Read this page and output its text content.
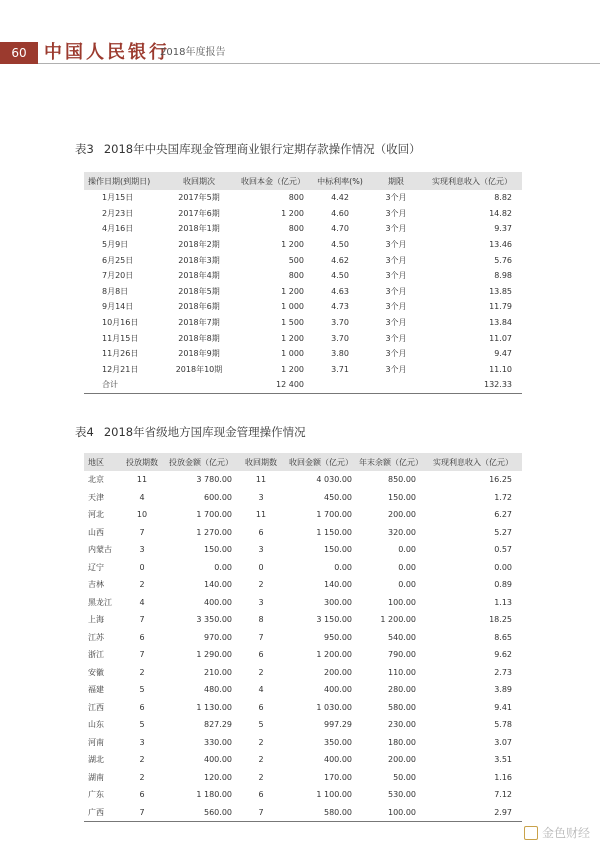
60 中国人民银行
2018年度报告
表3 2018年中央国库现金管理商业银行定期存款操作情况（收回）
操作日期(到期日)	收回期次	收回本金（亿元）	中标利率(%)	期限	实现利息收入（亿元）
1月15日	2017年5期	800	4.42	3个月	8.82
2月23日	2017年6期	1 200	4.60	3个月	14.82
4月16日	2018年1期	800	4.70	3个月	9.37
5月9日	2018年2期	1 200	4.50	3个月	13.46
6月25日	2018年3期	500	4.62	3个月	5.76
7月20日	2018年4期	800	4.50	3个月	8.98
8月8日	2018年5期	1 200	4.63	3个月	13.85
9月14日	2018年6期	1 000	4.73	3个月	11.79
10月16日	2018年7期	1 500	3.70	3个月	13.84
11月15日	2018年8期	1 200	3.70	3个月	11.07
11月26日	2018年9期	1 000	3.80	3个月	9.47
12月21日	2018年10期	1 200	3.71	3个月	11.10
合计		12 400			132.33
表4 2018年省级地方国库现金管理操作情况
地区	投放期数	投放金额（亿元）	收回期数	收回金额（亿元）	年末余额（亿元）	实现利息收入（亿元）
北京	11	3 780.00	11	4 030.00	850.00	16.25
天津	4	600.00	3	450.00	150.00	1.72
河北	10	1 700.00	11	1 700.00	200.00	6.27
山西	7	1 270.00	6	1 150.00	320.00	5.27
内蒙古	3	150.00	3	150.00	0.00	0.57
辽宁	0	0.00	0	0.00	0.00	0.00
吉林	2	140.00	2	140.00	0.00	0.89
黑龙江	4	400.00	3	300.00	100.00	1.13
上海	7	3 350.00	8	3 150.00	1 200.00	18.25
江苏	6	970.00	7	950.00	540.00	8.65
浙江	7	1 290.00	6	1 200.00	790.00	9.62
安徽	2	210.00	2	200.00	110.00	2.73
福建	5	480.00	4	400.00	280.00	3.89
江西	6	1 130.00	6	1 030.00	580.00	9.41
山东	5	827.29	5	997.29	230.00	5.78
河南	3	330.00	2	350.00	180.00	3.07
湖北	2	400.00	2	400.00	200.00	3.51
湖南	2	120.00	2	170.00	50.00	1.16
广东	6	1 180.00	6	1 100.00	530.00	7.12
广西	7	560.00	7	580.00	100.00	2.97
金色财经
